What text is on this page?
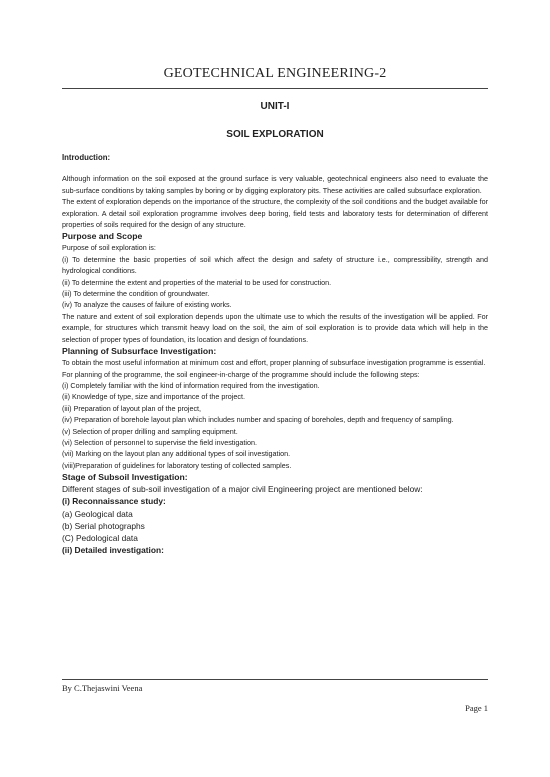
GEOTECHNICAL ENGINEERING-2
UNIT-I
SOIL EXPLORATION

Introduction:

Although information on the soil exposed at the ground surface is very valuable, geotechnical engineers also need to evaluate the sub-surface conditions by taking samples by boring or by digging exploratory pits. These activities are called subsurface exploration.

The extent of exploration depends on the importance of the structure, the complexity of the soil conditions and the budget available for exploration. A detail soil exploration programme involves deep boring, field tests and laboratory tests for determination of different properties of soils required for the design of any structure.

Purpose and Scope

Purpose of soil exploration is:

(i) To determine the basic properties of soil which affect the design and safety of structure i.e., compressibility, strength and hydrological conditions.

(ii) To determine the extent and properties of the material to be used for construction.

(iii) To determine the condition of groundwater.

(iv) To analyze the causes of failure of existing works.

The nature and extent of soil exploration depends upon the ultimate use to which the results of the investigation will be applied. For example, for structures which transmit heavy load on the soil, the aim of soil exploration is to provide data which will help in the selection of proper types of foundation, its location and design of foundations.

Planning of Subsurface Investigation:

To obtain the most useful information at minimum cost and effort, proper planning of subsurface investigation programme is essential.

For planning of the programme, the soil engineer-in-charge of the programme should include the following steps:

(i) Completely familiar with the kind of information required from the investigation.

(ii) Knowledge of type, size and importance of the project.

(iii) Preparation of layout plan of the project,

(iv) Preparation of borehole layout plan which includes number and spacing of boreholes, depth and frequency of sampling.

(v) Selection of proper drilling and sampling equipment.

(vi) Selection of personnel to supervise the field investigation.

(vii) Marking on the layout plan any additional types of soil investigation.

(viii)Preparation of guidelines for laboratory testing of collected samples.

Stage of Subsoil Investigation:

Different stages of sub-soil investigation of a major civil Engineering project are mentioned below:

(i) Reconnaissance study:

(a) Geological data

(b) Serial photographs

(C) Pedological data

(ii) Detailed investigation:

By C.Thejaswini Veena
Page 1
